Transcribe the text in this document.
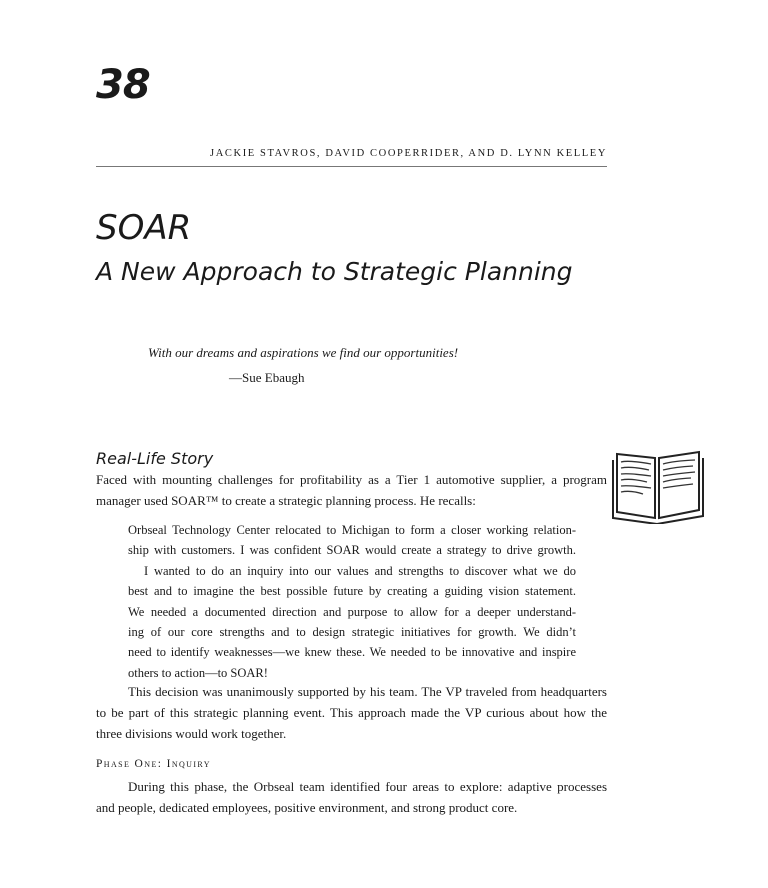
38
JACKIE STAVROS, DAVID COOPERRIDER, AND D. LYNN KELLEY
SOAR
A New Approach to Strategic Planning
With our dreams and aspirations we find our opportunities!
—Sue Ebaugh
Real-Life Story
Faced with mounting challenges for profitability as a Tier 1 automotive supplier, a program
manager used SOAR™ to create a strategic planning process. He recalls:
Orbseal Technology Center relocated to Michigan to form a closer working relation-
ship with customers. I was confident SOAR would create a strategy to drive growth.
I wanted to do an inquiry into our values and strengths to discover what we do
best and to imagine the best possible future by creating a guiding vision statement.
We needed a documented direction and purpose to allow for a deeper understand-
ing of our core strengths and to design strategic initiatives for growth. We didn’t
need to identify weaknesses—we knew these. We needed to be innovative and inspire
others to action—to SOAR!
This decision was unanimously supported by his team. The VP traveled from headquarters
to be part of this strategic planning event. This approach made the VP curious about how the
three divisions would work together.
Phase One: Inquiry
During this phase, the Orbseal team identified four areas to explore: adaptive processes
and people, dedicated employees, positive environment, and strong product core.
